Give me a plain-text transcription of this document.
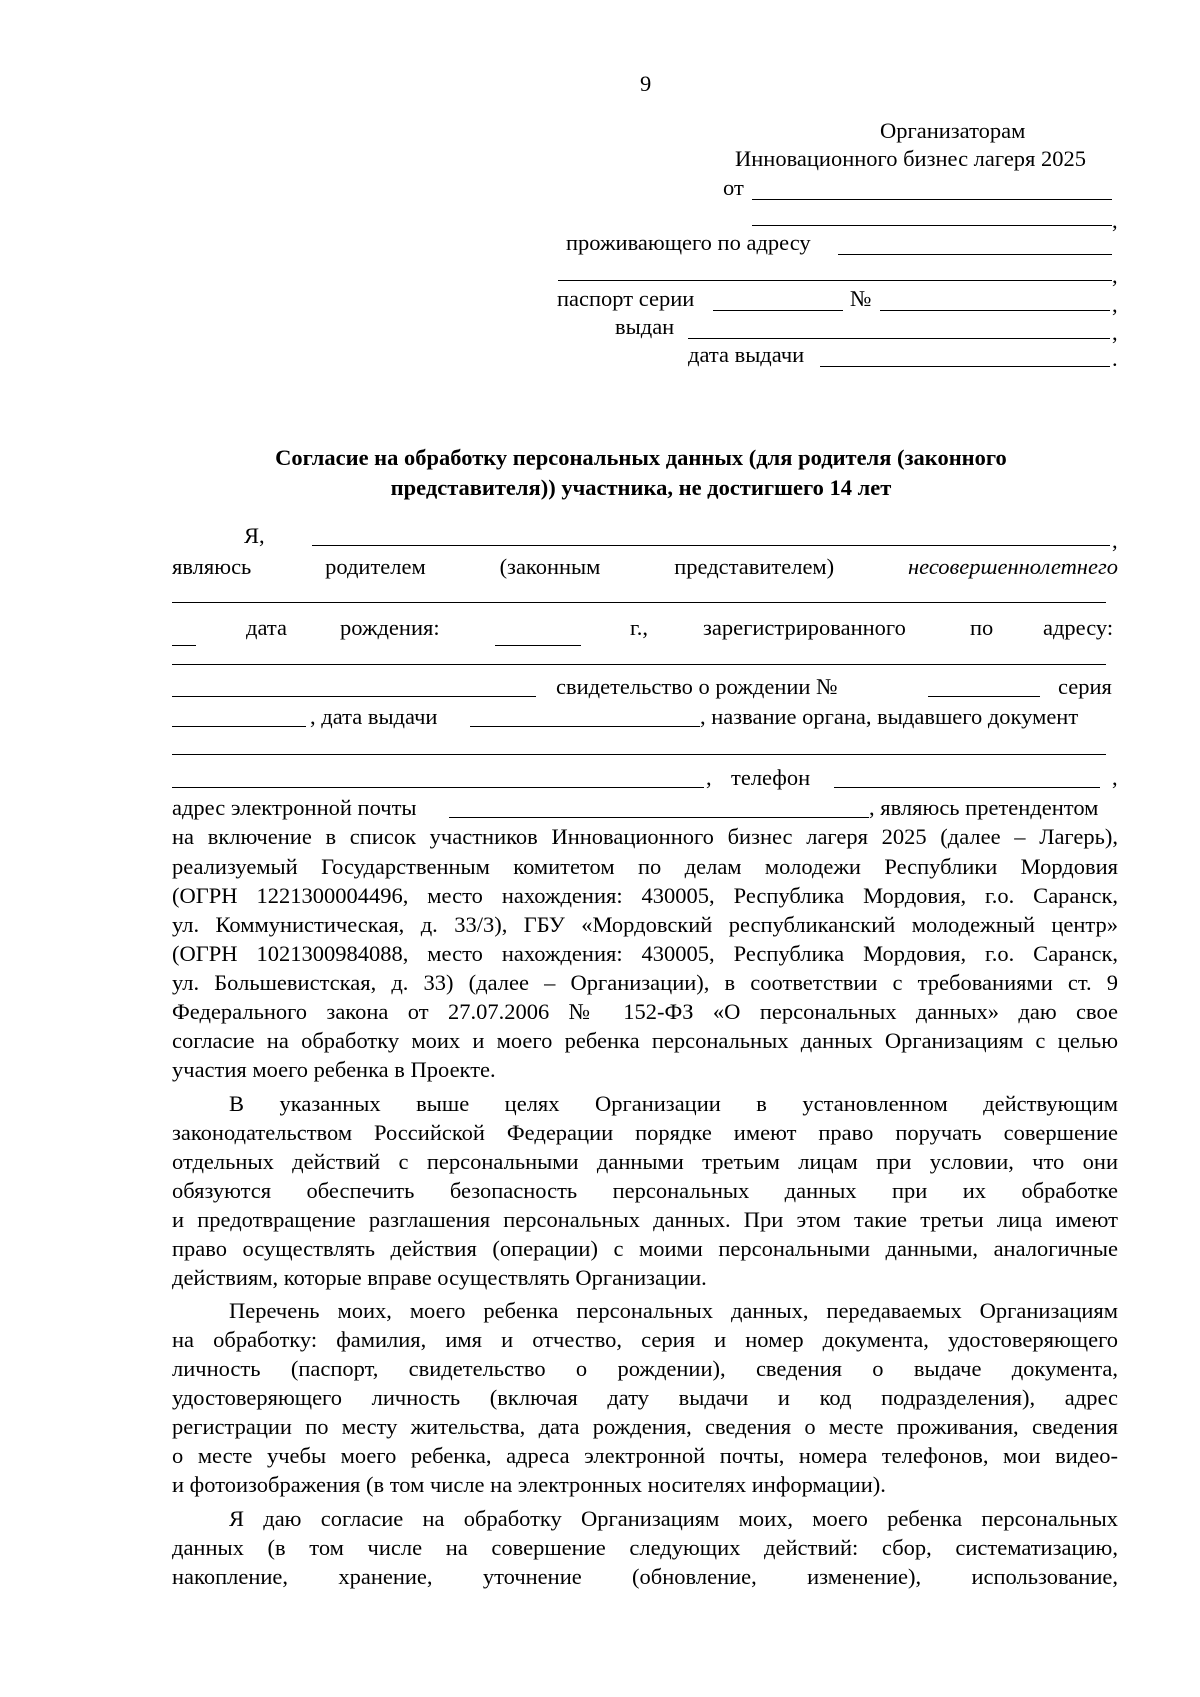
9
Организаторам
Инновационного бизнес лагеря 2025
от
,
проживающего по адресу
,
паспорт серии	№	,
выдан	,
дата выдачи	.
Согласие на обработку персональных данных (для родителя (законного
представителя)) участника, не достигшего 14 лет
Я,	,
являюсь	родителем	(законным	представителем)	несовершеннолетнего
дата рождения:	г., зарегистрированного	по адресу:
свидетельство о рождении №	серия
, дата выдачи	, название органа, выдавшего документ
, телефон	,
адрес электронной почты	, являюсь претендентом
на включение в список участников Инновационного бизнес лагеря 2025 (далее – Лагерь),
реализуемый Государственным комитетом по делам молодежи Республики Мордовия
(ОГРН 1221300004496, место нахождения: 430005, Республика Мордовия, г.о. Саранск,
ул. Коммунистическая, д. 33/3), ГБУ «Мордовский республиканский молодежный центр»
(ОГРН 1021300984088, место нахождения: 430005, Республика Мордовия, г.о. Саранск,
ул. Большевистская, д. 33) (далее – Организации), в соответствии с требованиями ст. 9
Федерального закона от 27.07.2006 № 152-ФЗ «О персональных данных» даю свое
согласие на обработку моих и моего ребенка персональных данных Организациям с целью
участия моего ребенка в Проекте.
В указанных выше целях Организации в установленном действующим
законодательством Российской Федерации порядке имеют право поручать совершение
отдельных действий с персональными данными третьим лицам при условии, что они
обязуются обеспечить безопасность персональных данных при их обработке
и предотвращение разглашения персональных данных. При этом такие третьи лица имеют
право осуществлять действия (операции) с моими персональными данными, аналогичные
действиям, которые вправе осуществлять Организации.
Перечень моих, моего ребенка персональных данных, передаваемых Организациям
на обработку: фамилия, имя и отчество, серия и номер документа, удостоверяющего
личность (паспорт, свидетельство о рождении), сведения о выдаче документа,
удостоверяющего личность (включая дату выдачи и код подразделения), адрес
регистрации по месту жительства, дата рождения, сведения о месте проживания, сведения
о месте учебы моего ребенка, адреса электронной почты, номера телефонов, мои видео-
и фотоизображения (в том числе на электронных носителях информации).
Я даю согласие на обработку Организациям моих, моего ребенка персональных
данных (в том числе на совершение следующих действий: сбор, систематизацию,
накопление, хранение, уточнение (обновление, изменение), использование,
